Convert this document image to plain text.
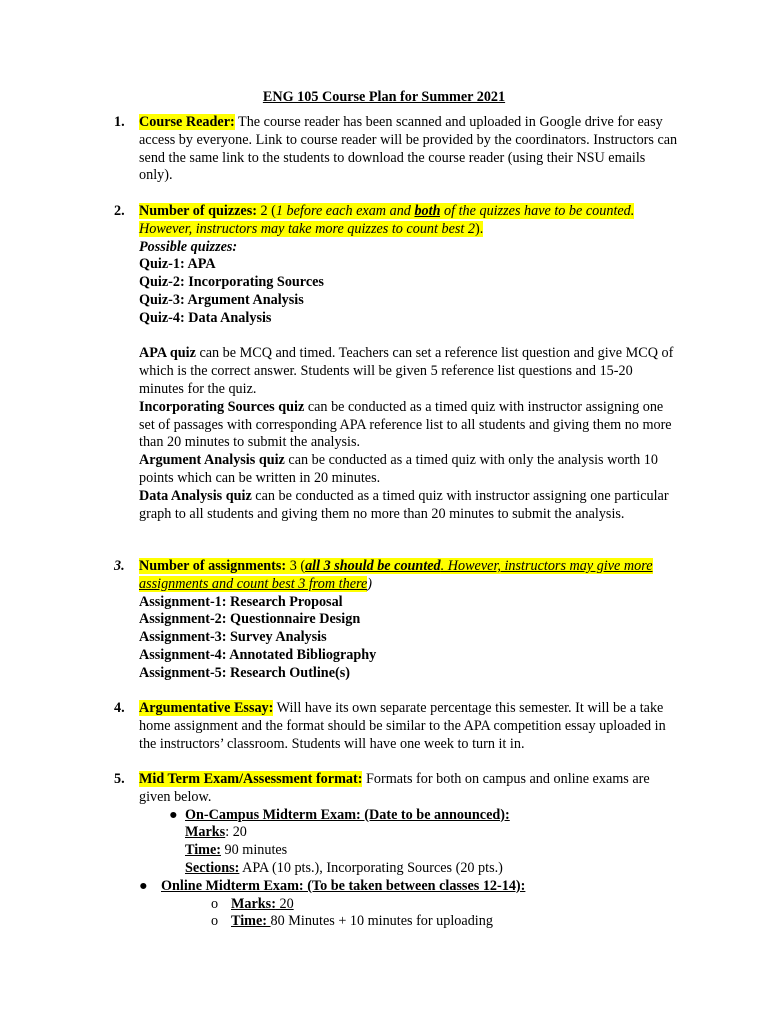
ENG 105 Course Plan for Summer 2021
1. Course Reader: The course reader has been scanned and uploaded in Google drive for easy access by everyone. Link to course reader will be provided by the coordinators. Instructors can send the same link to the students to download the course reader (using their NSU emails only).
2. Number of quizzes: 2 (1 before each exam and both of the quizzes have to be counted. However, instructors may take more quizzes to count best 2).

Possible quizzes:

Quiz-1: APA

Quiz-2: Incorporating Sources

Quiz-3: Argument Analysis

Quiz-4: Data Analysis

APA quiz can be MCQ and timed. Teachers can set a reference list question and give MCQ of which is the correct answer. Students will be given 5 reference list questions and 15-20 minutes for the quiz.

Incorporating Sources quiz can be conducted as a timed quiz with instructor assigning one set of passages with corresponding APA reference list to all students and giving them no more than 20 minutes to submit the analysis.

Argument Analysis quiz can be conducted as a timed quiz with only the analysis worth 10 points which can be written in 20 minutes.

Data Analysis quiz can be conducted as a timed quiz with instructor assigning one particular graph to all students and giving them no more than 20 minutes to submit the analysis.

3. Number of assignments: 3 (all 3 should be counted. However, instructors may give more assignments and count best 3 from there)

Assignment-1: Research Proposal

Assignment-2: Questionnaire Design

Assignment-3: Survey Analysis

Assignment-4: Annotated Bibliography

Assignment-5: Research Outline(s)

4. Argumentative Essay: Will have its own separate percentage this semester. It will be a take home assignment and the format should be similar to the APA competition essay uploaded in the instructors’ classroom. Students will have one week to turn it in.
5. Mid Term Exam/Assessment format: Formats for both on campus and online exams are given below.

● On-Campus Midterm Exam: (Date to be announced):
Marks: 20
Time: 90 minutes
Sections: APA (10 pts.), Incorporating Sources (20 pts.)
● Online Midterm Exam: (To be taken between classes 12-14):
o Marks: 20
o Time: 80 Minutes + 10 minutes for uploading
